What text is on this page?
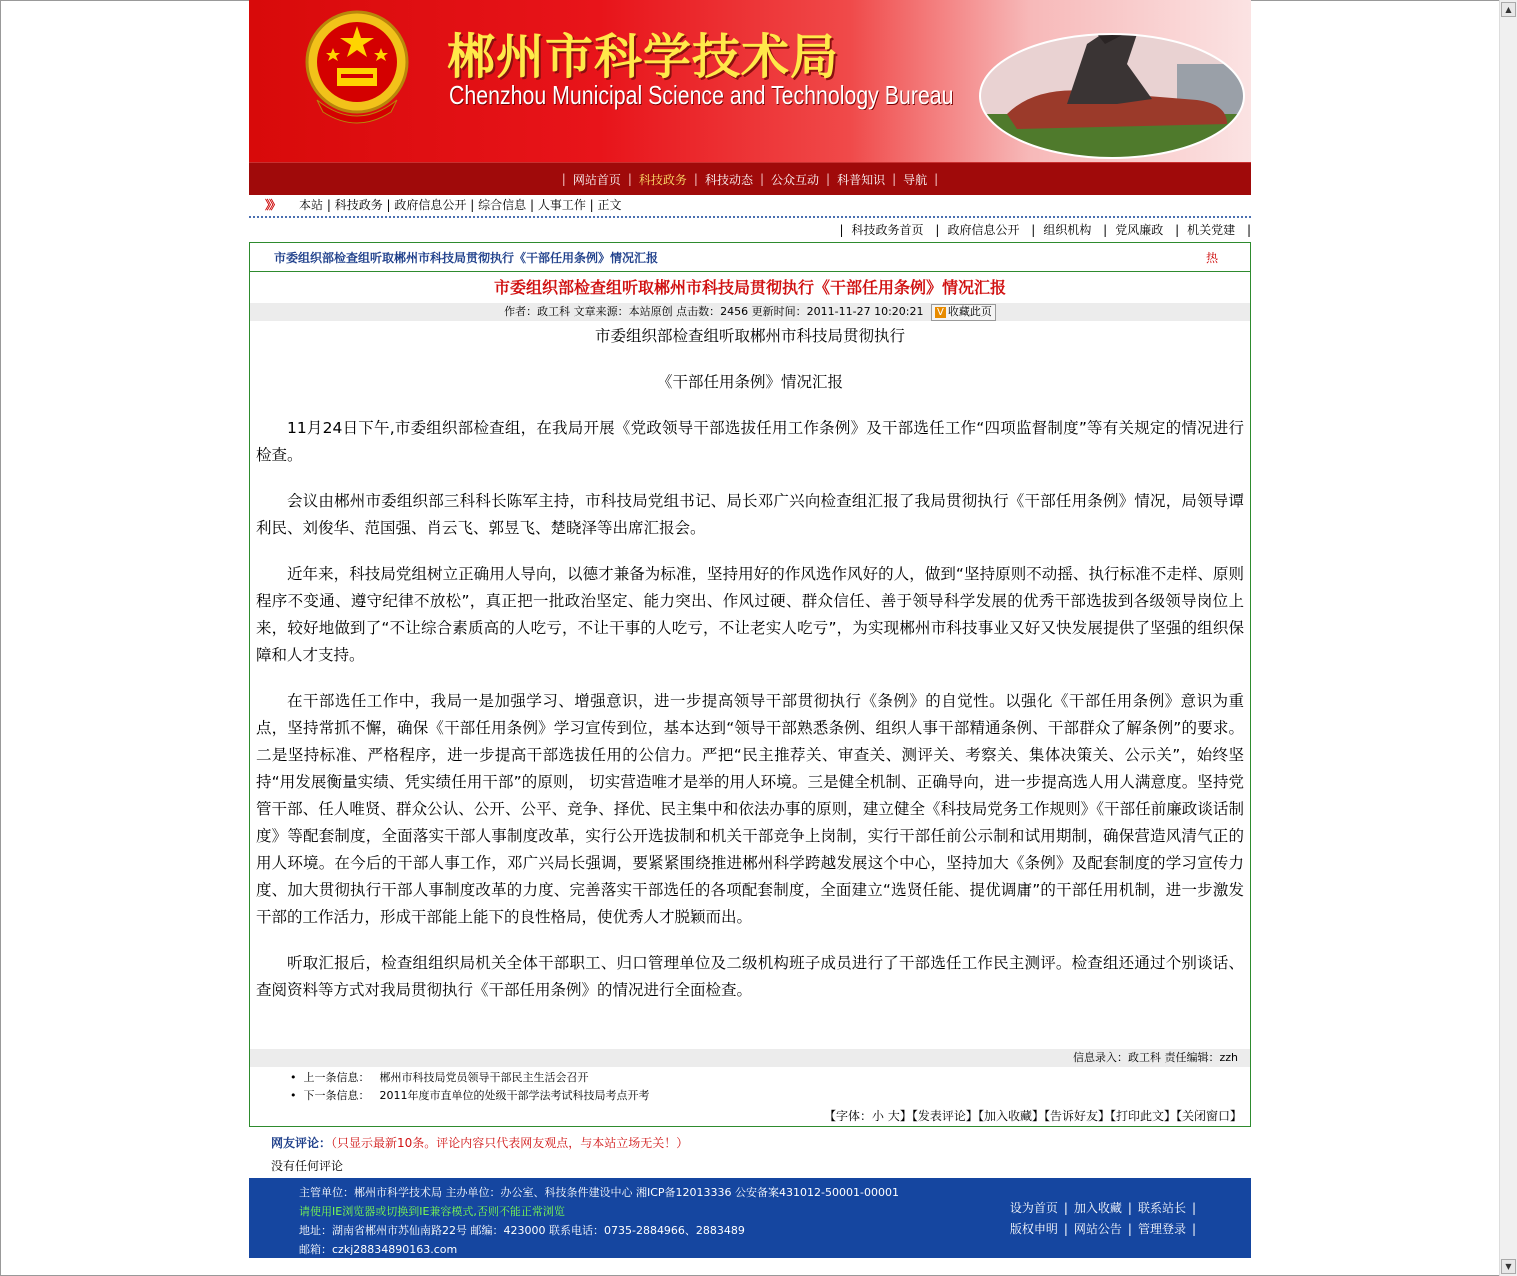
▲
▼
郴州市科学技术局
Chenzhou Municipal Science and Technology Bureau
| 网站首页 | 科技政务 | 科技动态 | 公众互动 | 科普知识 | 导航 |
》》 本站 | 科技政务 | 政府信息公开 | 综合信息 | 人事工作 | 正文
| 科技政务首页 | 政府信息公开 | 组织机构 | 党风廉政 | 机关党建 |
市委组织部检查组听取郴州市科技局贯彻执行《干部任用条例》情况汇报	热
市委组织部检查组听取郴州市科技局贯彻执行《干部任用条例》情况汇报
作者：政工科 文章来源：本站原创 点击数：2456 更新时间：2011-11-27 10:20:21 V 收藏此页

市委组织部检查组听取郴州市科技局贯彻执行

《干部任用条例》情况汇报

11月24日下午,市委组织部检查组，在我局开展《党政领导干部选拔任用工作条例》及干部选任工作“四项监督制度”等有关规定的情况进行检查。

会议由郴州市委组织部三科科长陈军主持，市科技局党组书记、局长邓广兴向检查组汇报了我局贯彻执行《干部任用条例》情况，局领导谭利民、刘俊华、范国强、肖云飞、郭昱飞、楚晓泽等出席汇报会。

近年来，科技局党组树立正确用人导向，以德才兼备为标准，坚持用好的作风选作风好的人，做到“坚持原则不动摇、执行标准不走样、原则程序不变通、遵守纪律不放松”，真正把一批政治坚定、能力突出、作风过硬、群众信任、善于领导科学发展的优秀干部选拔到各级领导岗位上来，较好地做到了“不让综合素质高的人吃亏，不让干事的人吃亏，不让老实人吃亏”，为实现郴州市科技事业又好又快发展提供了坚强的组织保障和人才支持。

在干部选任工作中，我局一是加强学习、增强意识，进一步提高领导干部贯彻执行《条例》的自觉性。以强化《干部任用条例》意识为重点，坚持常抓不懈，确保《干部任用条例》学习宣传到位，基本达到“领导干部熟悉条例、组织人事干部精通条例、干部群众了解条例”的要求。二是坚持标准、严格程序，进一步提高干部选拔任用的公信力。严把“民主推荐关、审查关、测评关、考察关、集体决策关、公示关”，始终坚持“用发展衡量实绩、凭实绩任用干部”的原则， 切实营造唯才是举的用人环境。三是健全机制、正确导向，进一步提高选人用人满意度。坚持党管干部、任人唯贤、群众公认、公开、公平、竞争、择优、民主集中和依法办事的原则，建立健全《科技局党务工作规则》《干部任前廉政谈话制度》等配套制度，全面落实干部人事制度改革，实行公开选拔制和机关干部竞争上岗制，实行干部任前公示制和试用期制，确保营造风清气正的用人环境。在今后的干部人事工作，邓广兴局长强调，要紧紧围绕推进郴州科学跨越发展这个中心，坚持加大《条例》及配套制度的学习宣传力度、加大贯彻执行干部人事制度改革的力度、完善落实干部选任的各项配套制度，全面建立“选贤任能、提优调庸”的干部任用机制，进一步激发干部的工作活力，形成干部能上能下的良性格局，使优秀人才脱颖而出。

听取汇报后，检查组组织局机关全体干部职工、归口管理单位及二级机构班子成员进行了干部选任工作民主测评。检查组还通过个别谈话、查阅资料等方式对我局贯彻执行《干部任用条例》的情况进行全面检查。

信息录入：政工科 责任编辑：zzh
•  上一条信息： 郴州市科技局党员领导干部民主生活会召开
•  下一条信息： 2011年度市直单位的处级干部学法考试科技局考点开考
【字体：小 大】【发表评论】【加入收藏】【告诉好友】【打印此文】【关闭窗口】
网友评论：（只显示最新10条。评论内容只代表网友观点，与本站立场无关！）
没有任何评论
主管单位：郴州市科学技术局 主办单位：办公室、科技条件建设中心 湘ICP备12013336 公安备案431012-50001-00001
请使用IE浏览器或切换到IE兼容模式,否则不能正常浏览
地址：湖南省郴州市苏仙南路22号 邮编：423000 联系电话：0735-2884966、2883489
邮箱：czkj28834890163.com
设为首页 | 加入收藏 | 联系站长 |
版权申明 | 网站公告 | 管理登录 |
